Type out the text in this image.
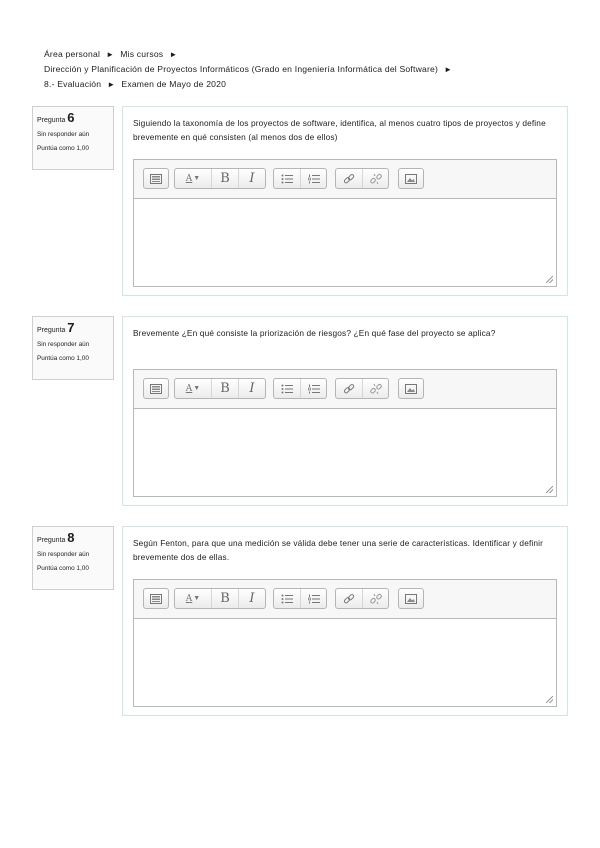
Área personal ► Mis cursos ►
Dirección y Planificación de Proyectos Informáticos (Grado en Ingeniería Informática del Software) ►
8.- Evaluación ► Examen de Mayo de 2020
Pregunta 6
Sin responder aún
Puntúa como 1,00
Siguiendo la taxonomía de los proyectos de software, identifica, al menos cuatro tipos de proyectos y define brevemente en qué consisten (al menos dos de ellos)
A ▼	B	I
Pregunta 7
Sin responder aún
Puntúa como 1,00
Brevemente ¿En qué consiste la priorización de riesgos? ¿En qué fase del proyecto se aplica?
A ▼	B	I
Pregunta 8
Sin responder aún
Puntúa como 1,00
Según Fenton, para que una medición se válida debe tener una serie de características. Identificar y definir brevemente dos de ellas.
A ▼	B	I
